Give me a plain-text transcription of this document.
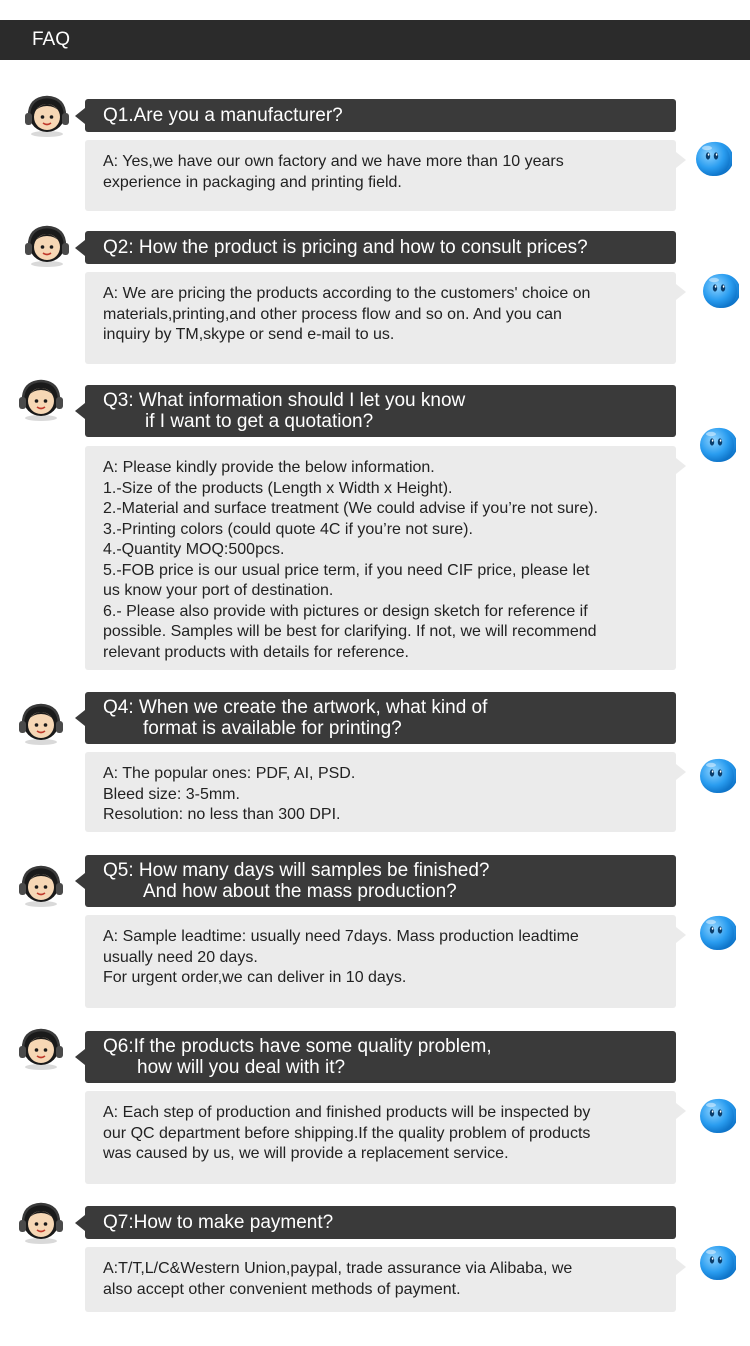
FAQ
Q1.Are you a manufacturer?
A: Yes,we have our own factory and we have more than 10 years
experience in packaging and printing field.
Q2: How the product is pricing and how to consult prices?
A: We are pricing the products according to the customers' choice on
materials,printing,and other process flow and so on. And you can
inquiry by TM,skype or send e-mail to us.
Q3: What information should I let you know
if I want to get a quotation?
A: Please kindly provide the below information.
1.-Size of the products (Length x Width x Height).
2.-Material and surface treatment (We could advise if you’re not sure).
3.-Printing colors (could quote 4C if you’re not sure).
4.-Quantity MOQ:500pcs.
5.-FOB price is our usual price term, if you need CIF price, please let
us know your port of destination.
6.- Please also provide with pictures or design sketch for reference if
possible. Samples will be best for clarifying. If not, we will recommend
relevant products with details for reference.
Q4: When we create the artwork, what kind of
format is available for printing?
A: The popular ones: PDF, AI, PSD.
Bleed size: 3-5mm.
Resolution: no less than 300 DPI.
Q5: How many days will samples be finished?
And how about the mass production?
A: Sample leadtime: usually need 7days. Mass production leadtime
usually need 20 days.
For urgent order,we can deliver in 10 days.
Q6:If the products have some quality problem,
how will you deal with it?
A: Each step of production and finished products will be inspected by
our QC department before shipping.If the quality problem of products
was caused by us, we will provide a replacement service.
Q7:How to make payment?
A:T/T,L/C&Western Union,paypal, trade assurance via Alibaba, we
also accept other convenient methods of payment.
